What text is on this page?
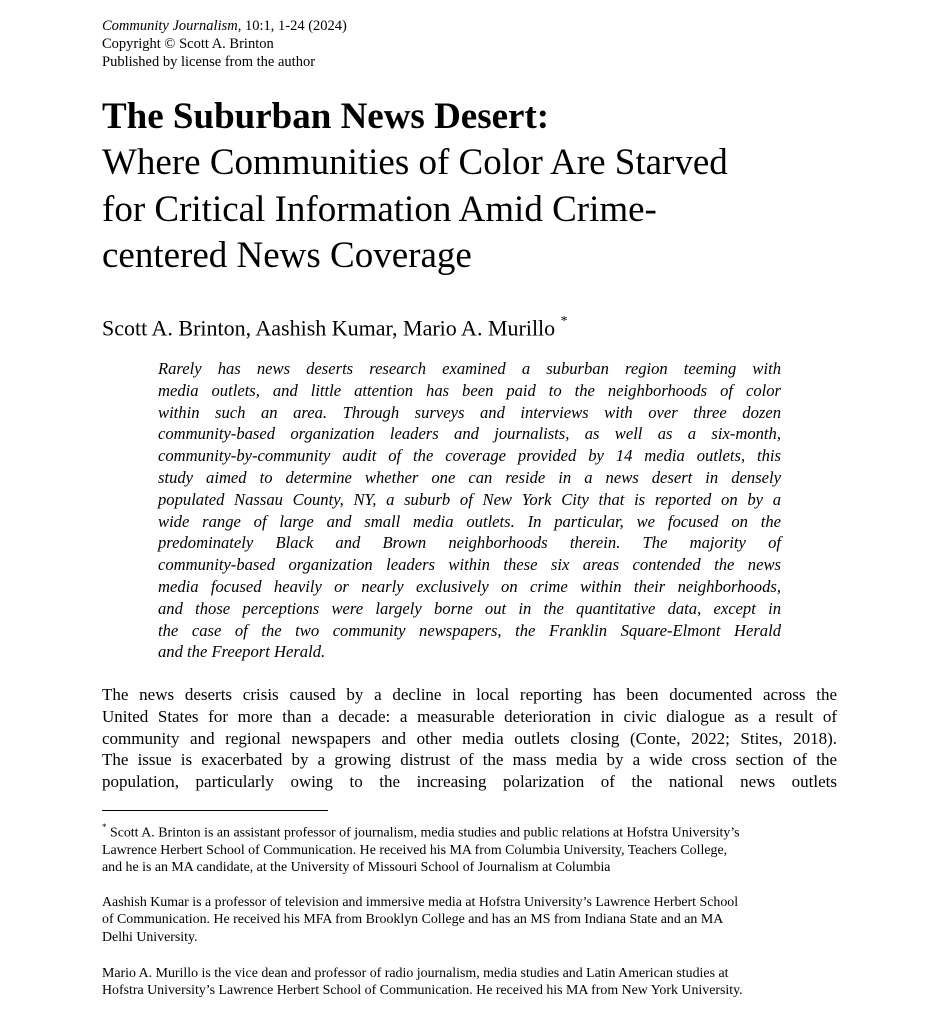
Community Journalism, 10:1, 1-24 (2024)
Copyright © Scott A. Brinton
Published by license from the author
The Suburban News Desert:
Where Communities of Color Are Starved
for Critical Information Amid Crime-
centered News Coverage
Scott A. Brinton, Aashish Kumar, Mario A. Murillo *
Rarely has news deserts research examined a suburban region teeming with
media outlets, and little attention has been paid to the neighborhoods of color
within such an area. Through surveys and interviews with over three dozen
community-based organization leaders and journalists, as well as a six-month,
community-by-community audit of the coverage provided by 14 media outlets, this
study aimed to determine whether one can reside in a news desert in densely
populated Nassau County, NY, a suburb of New York City that is reported on by a
wide range of large and small media outlets. In particular, we focused on the
predominately Black and Brown neighborhoods therein. The majority of
community-based organization leaders within these six areas contended the news
media focused heavily or nearly exclusively on crime within their neighborhoods,
and those perceptions were largely borne out in the quantitative data, except in
the case of the two community newspapers, the Franklin Square-Elmont Herald
and the Freeport Herald.
The news deserts crisis caused by a decline in local reporting has been documented across the
United States for more than a decade: a measurable deterioration in civic dialogue as a result of
community and regional newspapers and other media outlets closing (Conte, 2022; Stites, 2018).
The issue is exacerbated by a growing distrust of the mass media by a wide cross section of the
population, particularly owing to the increasing polarization of the national news outlets
* Scott A. Brinton is an assistant professor of journalism, media studies and public relations at Hofstra University’s
Lawrence Herbert School of Communication. He received his MA from Columbia University, Teachers College,
and he is an MA candidate, at the University of Missouri School of Journalism at Columbia
Aashish Kumar is a professor of television and immersive media at Hofstra University’s Lawrence Herbert School
of Communication. He received his MFA from Brooklyn College and has an MS from Indiana State and an MA
Delhi University.
Mario A. Murillo is the vice dean and professor of radio journalism, media studies and Latin American studies at
Hofstra University’s Lawrence Herbert School of Communication. He received his MA from New York University.
